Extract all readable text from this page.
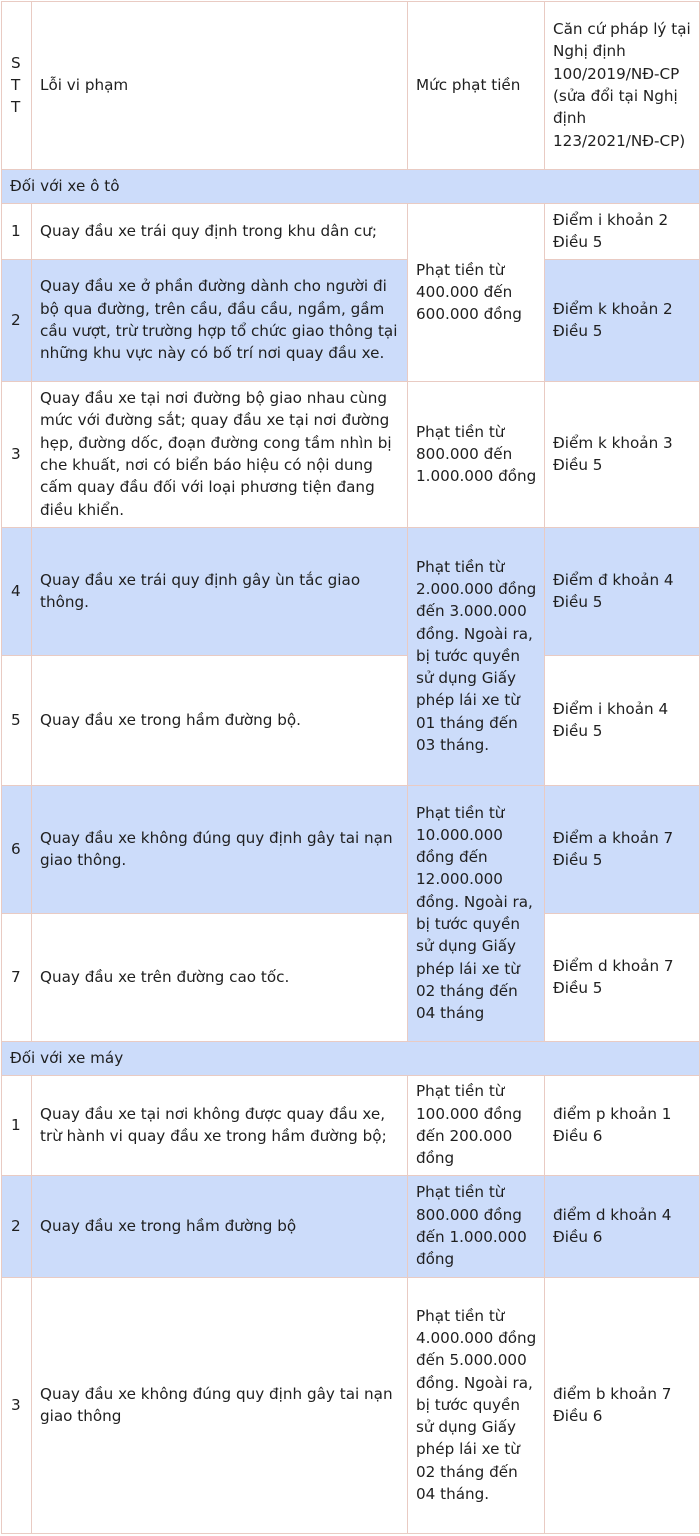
S
T
T	Lỗi vi phạm	Mức phạt tiền	Căn cứ pháp lý tại Nghị định 100/2019/NĐ-CP (sửa đổi tại Nghị định 123/2021/NĐ-CP)
Đối với xe ô tô			
1	Quay đầu xe trái quy định trong khu dân cư;	Phạt tiền từ 400.000 đến 600.000 đồng	Điểm i khoản 2 Điều 5
2	Quay đầu xe ở phần đường dành cho người đi bộ qua đường, trên cầu, đầu cầu, ngầm, gầm cầu vượt, trừ trường hợp tổ chức giao thông tại những khu vực này có bố trí nơi quay đầu xe.		Điểm k khoản 2 Điều 5
3	Quay đầu xe tại nơi đường bộ giao nhau cùng mức với đường sắt; quay đầu xe tại nơi đường hẹp, đường dốc, đoạn đường cong tầm nhìn bị che khuất, nơi có biển báo hiệu có nội dung cấm quay đầu đối với loại phương tiện đang điều khiển.	Phạt tiền từ 800.000 đến 1.000.000 đồng	Điểm k khoản 3 Điều 5
4	Quay đầu xe trái quy định gây ùn tắc giao thông.	Phạt tiền từ 2.000.000 đồng đến 3.000.000 đồng. Ngoài ra, bị tước quyền sử dụng Giấy phép lái xe từ 01 tháng đến 03 tháng.	Điểm đ khoản 4 Điều 5
5	Quay đầu xe trong hầm đường bộ.		Điểm i khoản 4 Điều 5
6	Quay đầu xe không đúng quy định gây tai nạn giao thông.	Phạt tiền từ 10.000.000 đồng đến 12.000.000 đồng. Ngoài ra, bị tước quyền sử dụng Giấy phép lái xe từ 02 tháng đến 04 tháng	Điểm a khoản 7 Điều 5
7	Quay đầu xe trên đường cao tốc.		Điểm d khoản 7 Điều 5
Đối với xe máy			
1	Quay đầu xe tại nơi không được quay đầu xe, trừ hành vi quay đầu xe trong hầm đường bộ;	Phạt tiền từ 100.000 đồng đến 200.000 đồng	điểm p khoản 1 Điều 6
2	Quay đầu xe trong hầm đường bộ	Phạt tiền từ 800.000 đồng đến 1.000.000 đồng	điểm d khoản 4 Điều 6
3	Quay đầu xe không đúng quy định gây tai nạn giao thông	Phạt tiền từ 4.000.000 đồng đến 5.000.000 đồng. Ngoài ra, bị tước quyền sử dụng Giấy phép lái xe từ 02 tháng đến 04 tháng.	điểm b khoản 7 Điều 6
